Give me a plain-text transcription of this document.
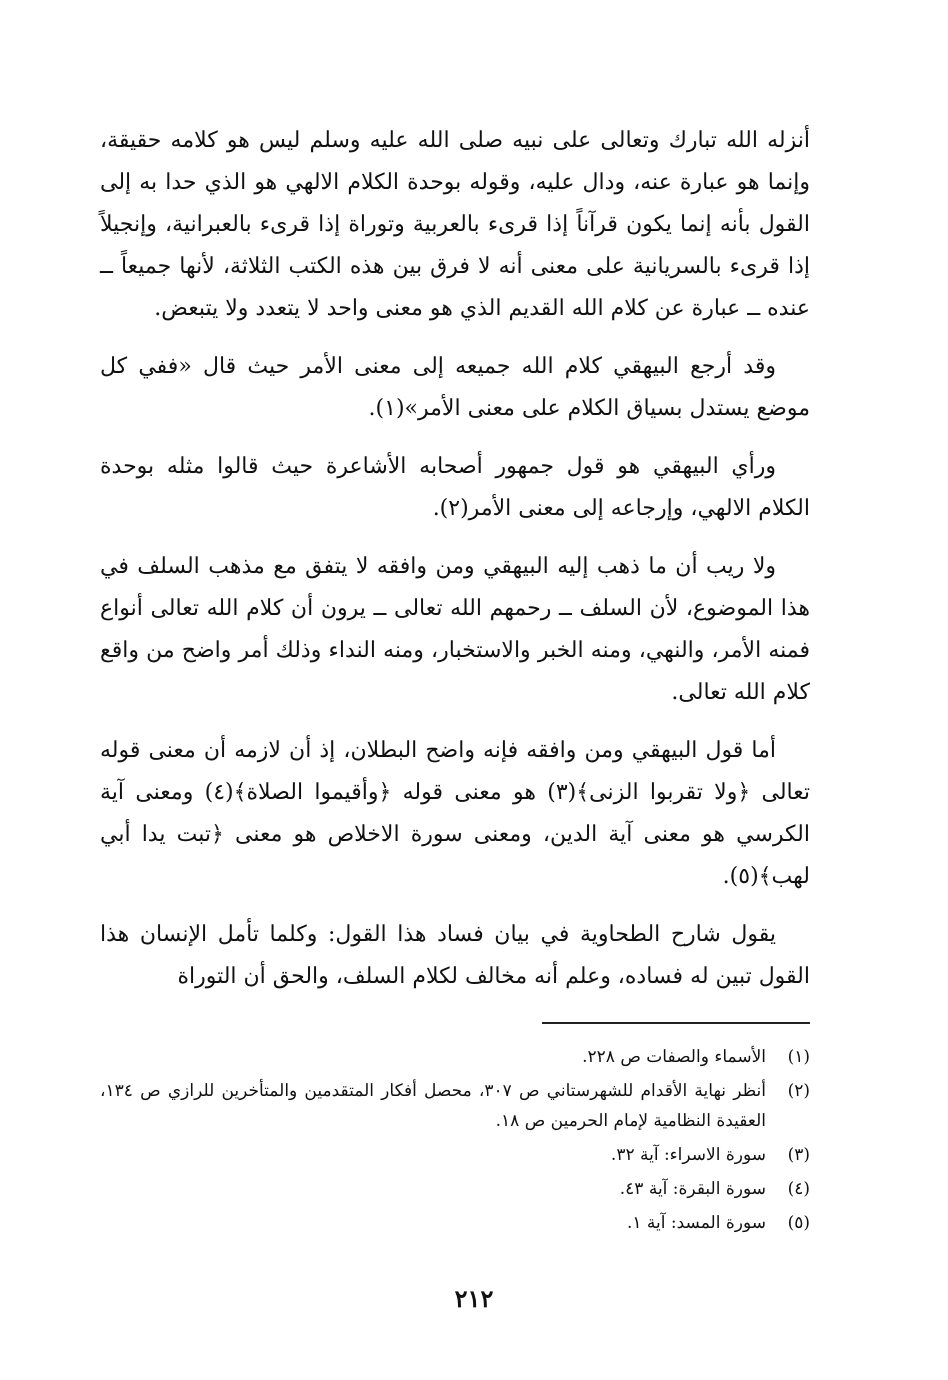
أنزله الله تبارك وتعالى على نبيه صلى الله عليه وسلم ليس هو كلامه حقيقة، وإنما هو عبارة عنه، ودال عليه، وقوله بوحدة الكلام الالهي هو الذي حدا به إلى القول بأنه إنما يكون قرآناً إذا قرىء بالعربية وتوراة إذا قرىء بالعبرانية، وإنجيلاً إذا قرىء بالسريانية على معنى أنه لا فرق بين هذه الكتب الثلاثة، لأنها جميعاً ــ عنده ــ عبارة عن كلام الله القديم الذي هو معنى واحد لا يتعدد ولا يتبعض.

وقد أرجع البيهقي كلام الله جميعه إلى معنى الأمر حيث قال «ففي كل موضع يستدل بسياق الكلام على معنى الأمر»(١).

ورأي البيهقي هو قول جمهور أصحابه الأشاعرة حيث قالوا مثله بوحدة الكلام الالهي، وإرجاعه إلى معنى الأمر(٢).

ولا ريب أن ما ذهب إليه البيهقي ومن وافقه لا يتفق مع مذهب السلف في هذا الموضوع، لأن السلف ــ رحمهم الله تعالى ــ يرون أن كلام الله تعالى أنواع فمنه الأمر، والنهي، ومنه الخبر والاستخبار، ومنه النداء وذلك أمر واضح من واقع كلام الله تعالى.

أما قول البيهقي ومن وافقه فإنه واضح البطلان، إذ أن لازمه أن معنى قوله تعالى ﴿ولا تقربوا الزنى﴾(٣) هو معنى قوله ﴿وأقيموا الصلاة﴾(٤) ومعنى آية الكرسي هو معنى آية الدين، ومعنى سورة الاخلاص هو معنى ﴿تبت يدا أبي لهب﴾(٥).

يقول شارح الطحاوية في بيان فساد هذا القول: وكلما تأمل الإنسان هذا القول تبين له فساده، وعلم أنه مخالف لكلام السلف، والحق أن التوراة

(١)
الأسماء والصفات ص ٢٢٨.
(٢)
أنظر نهاية الأقدام للشهرستاني ص ٣٠٧، محصل أفكار المتقدمين والمتأخرين للرازي ص ١٣٤، العقيدة النظامية لإمام الحرمين ص ١٨.
(٣)
سورة الاسراء: آية ٣٢.
(٤)
سورة البقرة: آية ٤٣.
(٥)
سورة المسد: آية ١.
٢١٢
